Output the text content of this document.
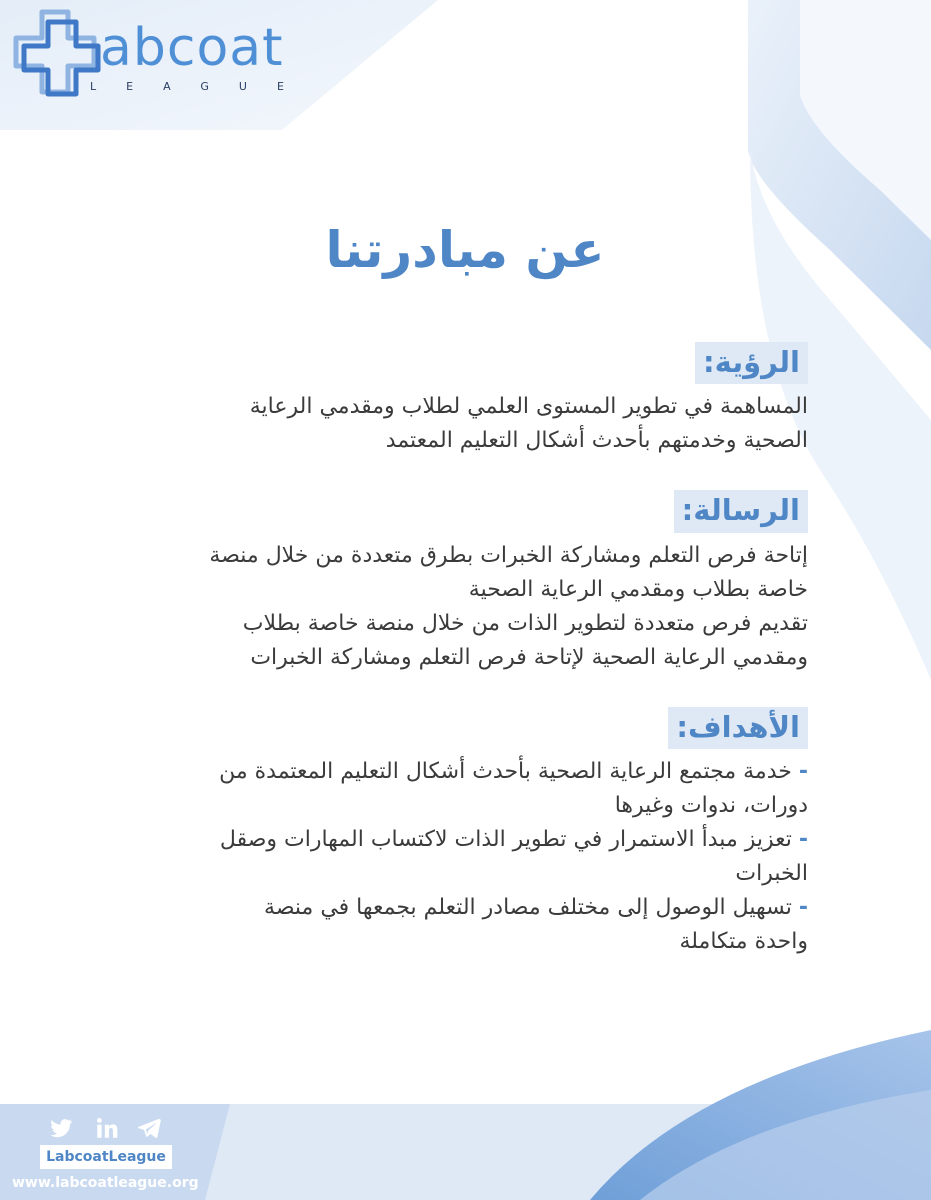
abcoat
LEAGUE
عن مبادرتنا
الرؤية:
المساهمة في تطوير المستوى العلمي لطلاب ومقدمي الرعاية
الصحية وخدمتهم بأحدث أشكال التعليم المعتمد
الرسالة:
إتاحة فرص التعلم ومشاركة الخبرات بطرق متعددة من خلال منصة
خاصة بطلاب ومقدمي الرعاية الصحية
تقديم فرص متعددة لتطوير الذات من خلال منصة خاصة بطلاب
ومقدمي الرعاية الصحية لإتاحة فرص التعلم ومشاركة الخبرات
الأهداف:
- خدمة مجتمع الرعاية الصحية بأحدث أشكال التعليم المعتمدة من
دورات، ندوات وغيرها
- تعزيز مبدأ الاستمرار في تطوير الذات لاكتساب المهارات وصقل
الخبرات
- تسهيل الوصول إلى مختلف مصادر التعلم بجمعها في منصة
واحدة متكاملة
LabcoatLeague
www.labcoatleague.org
